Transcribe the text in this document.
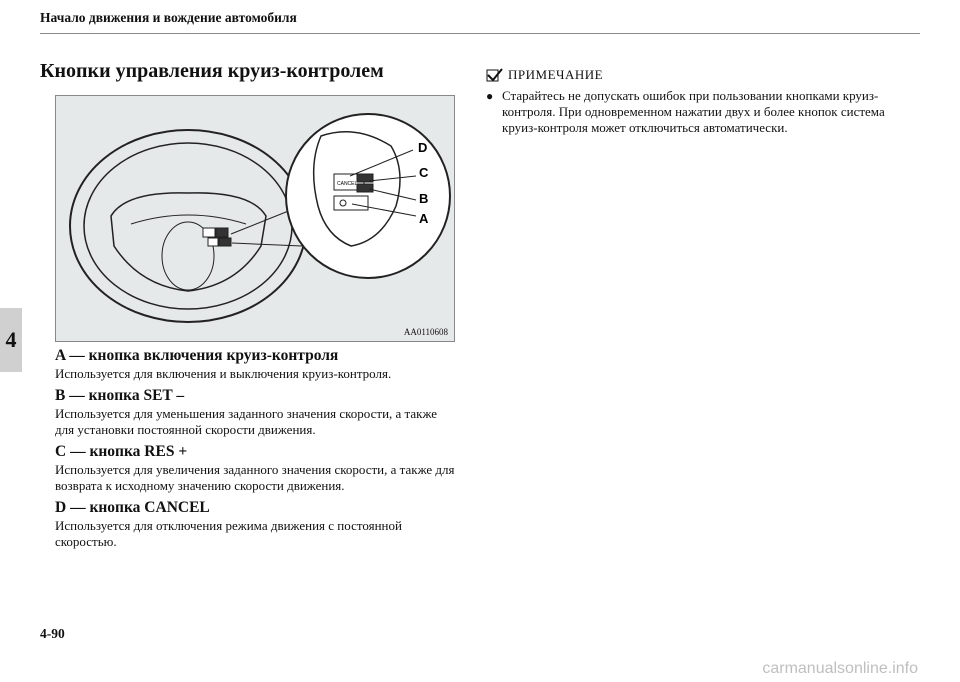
Начало движения и вождение автомобиля
4
Кнопки управления круиз-контролем
CANCEL
D
C
B
A
AA0110608
A — кнопка включения круиз-контроля
Используется для включения и выключения круиз-контроля.
B — кнопка SET –
Используется для уменьшения заданного значения скорости, а также для установки постоянной скорости движения.
C — кнопка RES +
Используется для увеличения заданного значения скорости, а также для возврата к исходному значению скорости движения.
D — кнопка CANCEL
Используется для отключения режима движения с постоянной скоростью.
ПРИМЕЧАНИЕ
● Старайтесь не допускать ошибок при пользовании кнопками круиз-контроля. При одновременном нажатии двух и более кнопок система круиз-контроля может отключиться автоматически.
4-90
carmanualsonline.info
